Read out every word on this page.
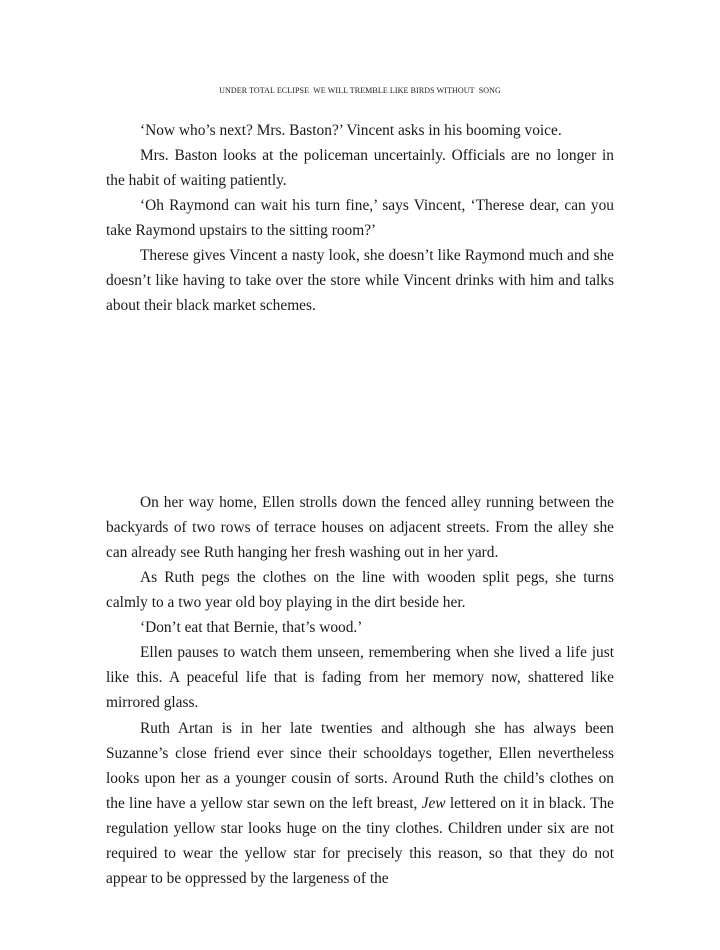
UNDER TOTAL ECLIPSE  WE WILL TREMBLE LIKE BIRDS WITHOUT  SONG

‘Now who’s next? Mrs. Baston?’ Vincent asks in his booming voice.

Mrs. Baston looks at the policeman uncertainly. Officials are no longer in the habit of waiting patiently.

‘Oh Raymond can wait his turn fine,’ says Vincent, ‘Therese dear, can you take Raymond upstairs to the sitting room?’

Therese gives Vincent a nasty look, she doesn’t like Raymond much and she doesn’t like having to take over the store while Vincent drinks with him and talks about their black market schemes.

On her way home, Ellen strolls down the fenced alley running between the backyards of two rows of terrace houses on adjacent streets. From the alley she can already see Ruth hanging her fresh washing out in her yard.

As Ruth pegs the clothes on the line with wooden split pegs, she turns calmly to a two year old boy playing in the dirt beside her.

‘Don’t eat that Bernie, that’s wood.’

Ellen pauses to watch them unseen, remembering when she lived a life just like this. A peaceful life that is fading from her memory now, shattered like mirrored glass.

Ruth Artan is in her late twenties and although she has always been Suzanne’s close friend ever since their schooldays together, Ellen nevertheless looks upon her as a younger cousin of sorts. Around Ruth the child’s clothes on the line have a yellow star sewn on the left breast, Jew lettered on it in black. The regulation yellow star looks huge on the tiny clothes. Children under six are not required to wear the yellow star for precisely this reason, so that they do not appear to be oppressed by the largeness of the
